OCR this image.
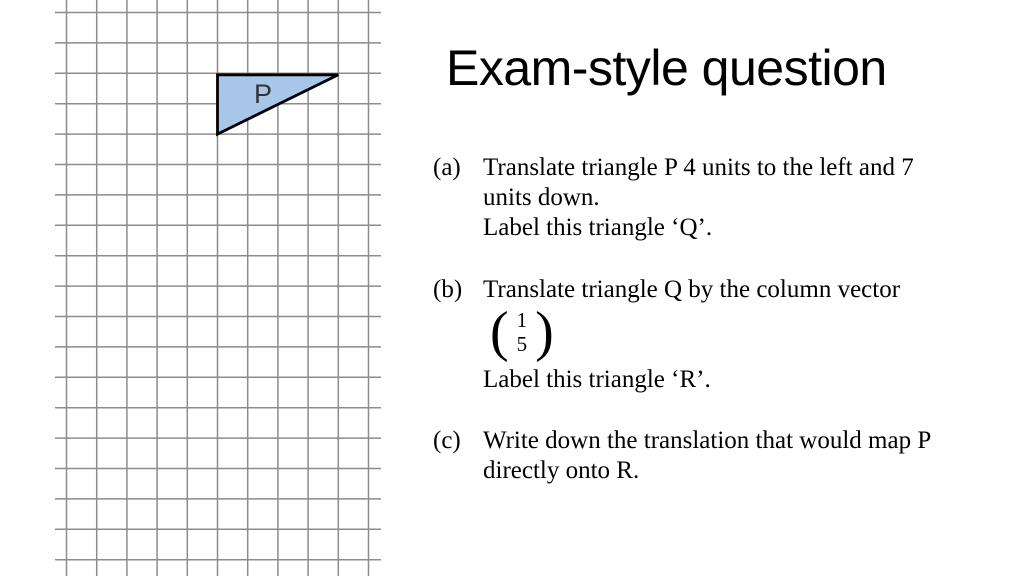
P	Exam-style question
(a) Translate triangle P 4 units to the left and 7
units down.
Label this triangle ‘Q’.
(b) Translate triangle Q by the column vector
( 1
5 )
Label this triangle ‘R’.
(c) Write down the translation that would map P
directly onto R.
